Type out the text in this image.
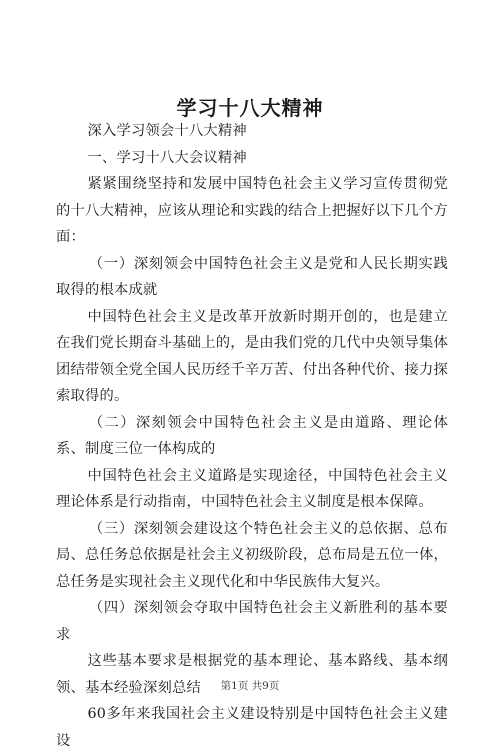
学习十八大精神

深入学习领会十八大精神

一、学习十八大会议精神

紧紧围绕坚持和发展中国特色社会主义学习宣传贯彻党的十八大精神，应该从理论和实践的结合上把握好以下几个方面：

（一）深刻领会中国特色社会主义是党和人民长期实践取得的根本成就

中国特色社会主义是改革开放新时期开创的，也是建立在我们党长期奋斗基础上的，是由我们党的几代中央领导集体团结带领全党全国人民历经千辛万苦、付出各种代价、接力探索取得的。

（二）深刻领会中国特色社会主义是由道路、理论体系、制度三位一体构成的

中国特色社会主义道路是实现途径，中国特色社会主义理论体系是行动指南，中国特色社会主义制度是根本保障。

（三）深刻领会建设这个特色社会主义的总依据、总布局、总任务总依据是社会主义初级阶段，总布局是五位一体，总任务是实现社会主义现代化和中华民族伟大复兴。

（四）深刻领会夺取中国特色社会主义新胜利的基本要求

这些基本要求是根据党的基本理论、基本路线、基本纲领、基本经验深刻总结

60多年来我国社会主义建设特别是中国特色社会主义建设

第1页 共9页
